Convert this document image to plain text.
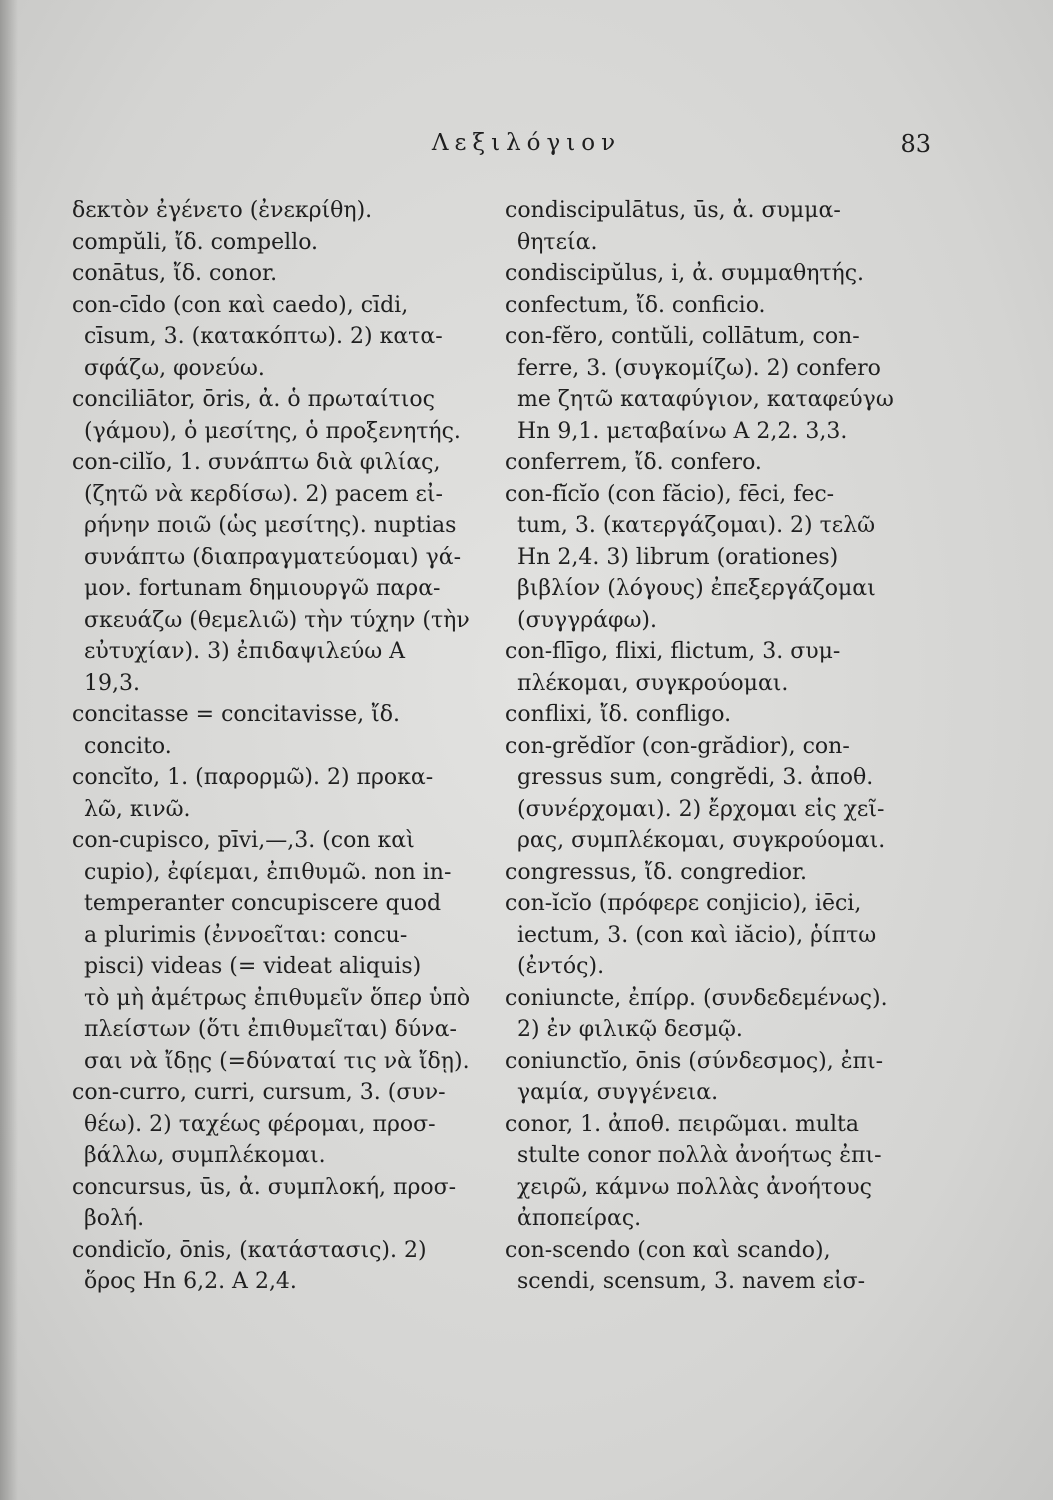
Λεξιλόγιον	83
δεκτὸν ἐγένετο (ἐνεκρίθη).
compŭli, ἴδ. compello.
conātus, ἴδ. conor.
con-cīdo (con καὶ caedo), cīdi,
cīsum, 3. (κατακόπτω). 2) κατα-
σφάζω, φονεύω.
conciliātor, ōris, ἀ. ὁ πρωταίτιος
(γάμου), ὁ μεσίτης, ὁ προξενητής.
con-cilĭo, 1. συνάπτω διὰ φιλίας,
(ζητῶ νὰ κερδίσω). 2) pacem εἰ-
ρήνην ποιῶ (ὡς μεσίτης). nuptias
συνάπτω (διαπραγματεύομαι) γά-
μον. fortunam δημιουργῶ παρα-
σκευάζω (θεμελιῶ) τὴν τύχην (τὴν
εὐτυχίαν). 3) ἐπιδαψιλεύω A
19,3.
concitasse = concitavisse, ἴδ.
concito.
concĭto, 1. (παρορμῶ). 2) προκα-
λῶ, κινῶ.
con-cupisco, pīvi,—,3. (con καὶ
cupio), ἐφίεμαι, ἐπιθυμῶ. non in-
temperanter concupiscere quod
a plurimis (ἐννοεῖται: concu-
pisci) videas (= videat aliquis)
τὸ μὴ ἀμέτρως ἐπιθυμεῖν ὅπερ ὑπὸ
πλείστων (ὅτι ἐπιθυμεῖται) δύνα-
σαι νὰ ἴδῃς (=δύναταί τις νὰ ἴδῃ).
con-curro, curri, cursum, 3. (συν-
θέω). 2) ταχέως φέρομαι, προσ-
βάλλω, συμπλέκομαι.
concursus, ūs, ἀ. συμπλοκή, προσ-
βολή.
condicĭo, ōnis, (κατάστασις). 2)
ὅρος Hn 6,2. A 2,4.
condiscipulātus, ūs, ἀ. συμμα-
θητεία.
condiscipŭlus, i, ἀ. συμμαθητής.
confectum, ἴδ. conficio.
con-fĕro, contŭli, collātum, con-
ferre, 3. (συγκομίζω). 2) confero
me ζητῶ καταφύγιον, καταφεύγω
Hn 9,1. μεταβαίνω A 2,2. 3,3.
conferrem, ἴδ. confero.
con-fĭcĭo (con făcio), fēci, fec-
tum, 3. (κατεργάζομαι). 2) τελῶ
Hn 2,4. 3) librum (orationes)
βιβλίον (λόγους) ἐπεξεργάζομαι
(συγγράφω).
con-flīgo, flixi, flictum, 3. συμ-
πλέκομαι, συγκρούομαι.
conflixi, ἴδ. confligo.
con-grĕdĭor (con-grădior), con-
gressus sum, congrĕdi, 3. ἀποθ.
(συνέρχομαι). 2) ἔρχομαι εἰς χεῖ-
ρας, συμπλέκομαι, συγκρούομαι.
congressus, ἴδ. congredior.
con-ĭcĭo (πρόφερε conjicio), iēci,
iectum, 3. (con καὶ iăcio), ῥίπτω
(ἐντός).
coniuncte, ἐπίρρ. (συνδεδεμένως).
2) ἐν φιλικῷ δεσμῷ.
coniunctĭo, ōnis (σύνδεσμος), ἐπι-
γαμία, συγγένεια.
conor, 1. ἀποθ. πειρῶμαι. multa
stulte conor πολλὰ ἀνοήτως ἐπι-
χειρῶ, κάμνω πολλὰς ἀνοήτους
ἀποπείρας.
con-scendo (con καὶ scando),
scendi, scensum, 3. navem εἰσ-
